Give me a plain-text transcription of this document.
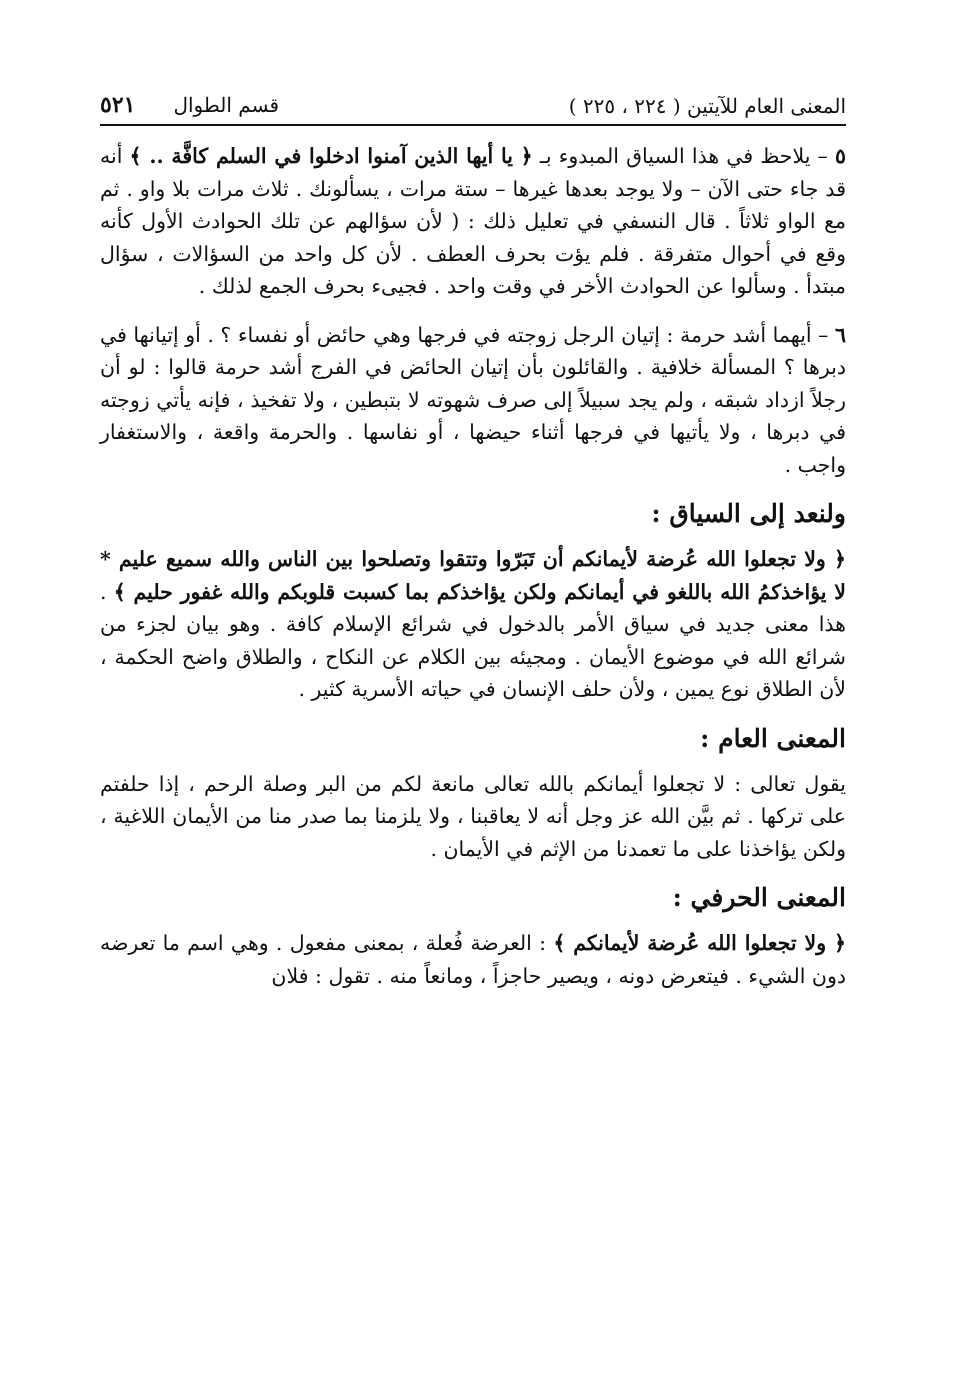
المعنى العام للآيتين ( ٢٢٤ ، ٢٢٥ )
قسم الطوال
٥٢١

٥ – يلاحظ في هذا السياق المبدوء بـ ﴿ يا أيها الذين آمنوا ادخلوا في السلم كافَّة .. ﴾ أنه قد جاء حتى الآن – ولا يوجد بعدها غيرها – ستة مرات ، يسألونك . ثلاث مرات بلا واو . ثم مع الواو ثلاثاً . قال النسفي في تعليل ذلك : ( لأن سؤالهم عن تلك الحوادث الأول كأنه وقع في أحوال متفرقة . فلم يؤت بحرف العطف . لأن كل واحد من السؤالات ، سؤال مبتدأ . وسألوا عن الحوادث الأخر في وقت واحد . فجيىء بحرف الجمع لذلك .

٦ – أيهما أشد حرمة : إتيان الرجل زوجته في فرجها وهي حائض أو نفساء ؟ . أو إتيانها في دبرها ؟ المسألة خلافية . والقائلون بأن إتيان الحائض في الفرج أشد حرمة قالوا : لو أن رجلاً ازداد شبقه ، ولم يجد سبيلاً إلى صرف شهوته لا بتبطين ، ولا تفخيذ ، فإنه يأتي زوجته في دبرها ، ولا يأتيها في فرجها أثناء حيضها ، أو نفاسها . والحرمة واقعة ، والاستغفار واجب .

ولنعد إلى السياق :

﴿ ولا تجعلوا الله عُرضة لأيمانكم أن تَبَرّوا وتتقوا وتصلحوا بين الناس والله سميع عليم * لا يؤاخذكمُ الله باللغو في أيمانكم ولكن يؤاخذكم بما كسبت قلوبكم والله غفور حليم ﴾ . هذا معنى جديد في سياق الأمر بالدخول في شرائع الإسلام كافة . وهو بيان لجزء من شرائع الله في موضوع الأيمان . ومجيئه بين الكلام عن النكاح ، والطلاق واضح الحكمة ، لأن الطلاق نوع يمين ، ولأن حلف الإنسان في حياته الأسرية كثير .

المعنى العام :

يقول تعالى : لا تجعلوا أيمانكم بالله تعالى مانعة لكم من البر وصلة الرحم ، إذا حلفتم على تركها . ثم بيَّن الله عز وجل أنه لا يعاقبنا ، ولا يلزمنا بما صدر منا من الأيمان اللاغية ، ولكن يؤاخذنا على ما تعمدنا من الإثم في الأيمان .

المعنى الحرفي :

﴿ ولا تجعلوا الله عُرضة لأيمانكم ﴾ : العرضة فُعلة ، بمعنى مفعول . وهي اسم ما تعرضه دون الشيء . فيتعرض دونه ، ويصير حاجزاً ، ومانعاً منه . تقول : فلان
